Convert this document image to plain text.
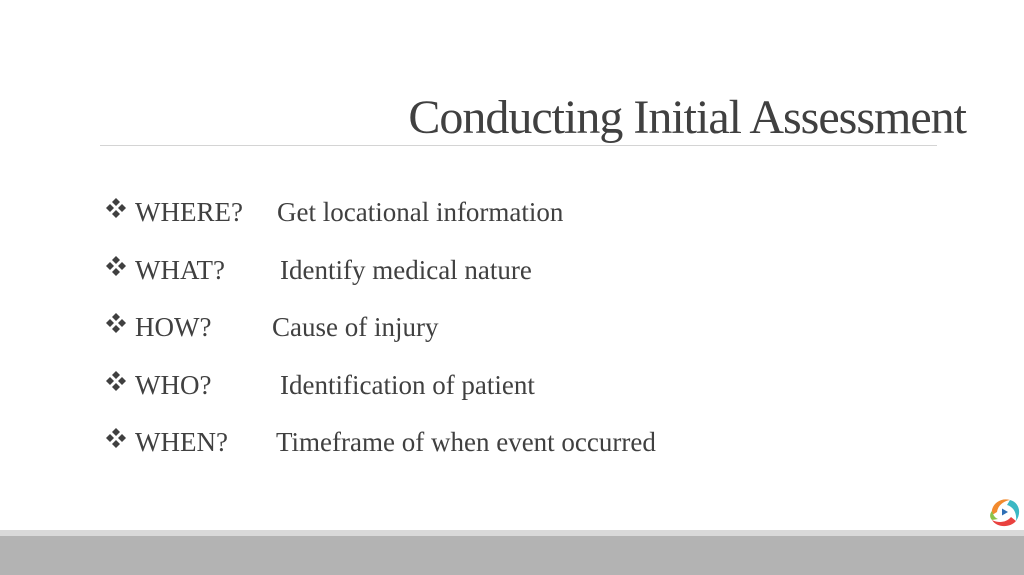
Conducting Initial Assessment
WHERE? Get locational information
WHAT? Identify medical nature
HOW? Cause of injury
WHO?	Identification of patient
WHEN? Timeframe of when event occurred
